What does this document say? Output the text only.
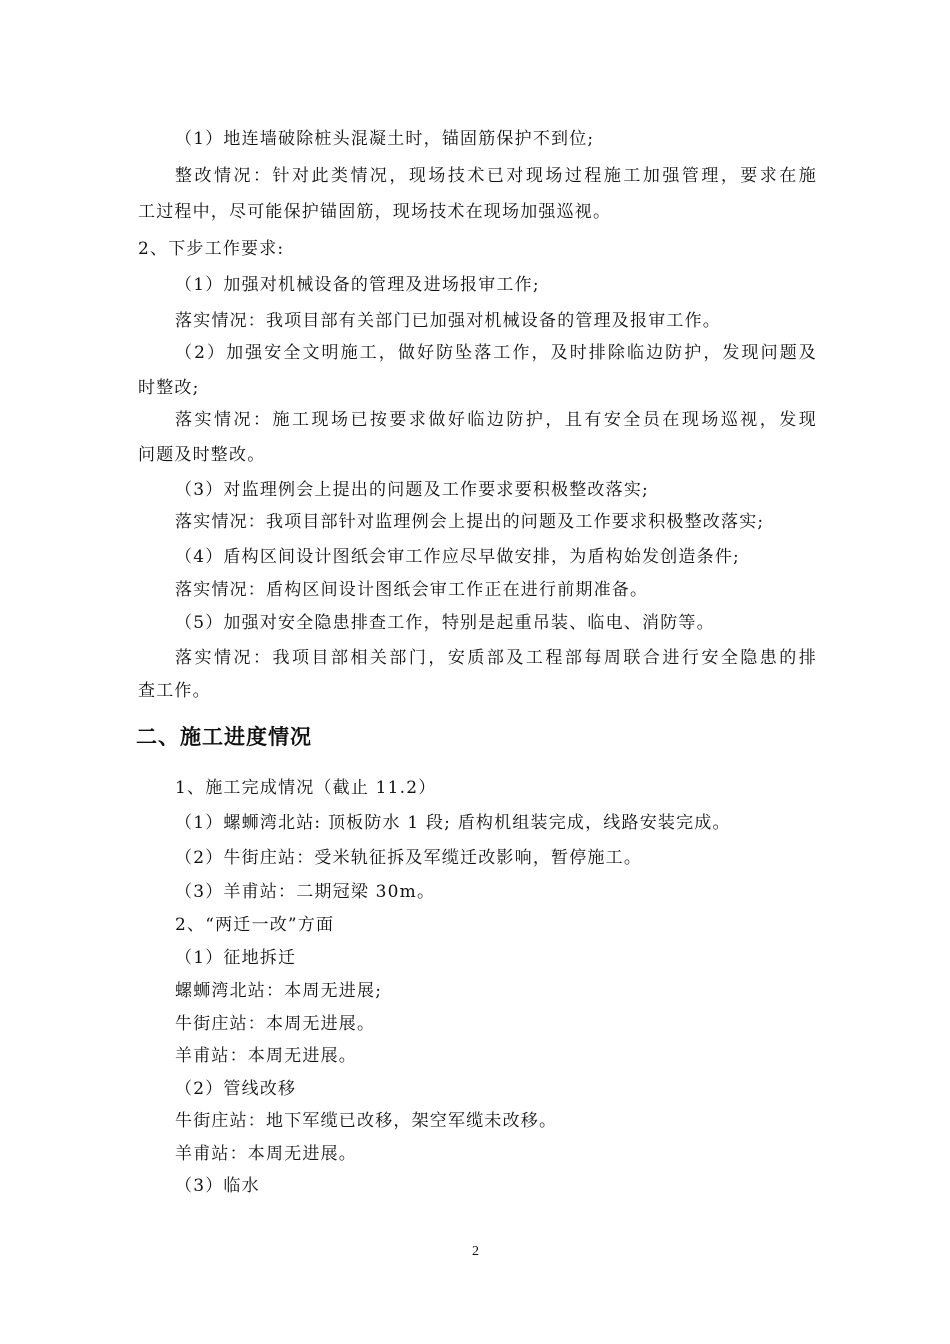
（1）地连墙破除桩头混凝土时，锚固筋保护不到位;
整改情况：针对此类情况，现场技术已对现场过程施工加强管理，要求在施
工过程中，尽可能保护锚固筋，现场技术在现场加强巡视。
2、下步工作要求:
（1）加强对机械设备的管理及进场报审工作;
落实情况：我项目部有关部门已加强对机械设备的管理及报审工作。
（2）加强安全文明施工，做好防坠落工作，及时排除临边防护，发现问题及
时整改;
落实情况：施工现场已按要求做好临边防护，且有安全员在现场巡视，发现
问题及时整改。
（3）对监理例会上提出的问题及工作要求要积极整改落实;
落实情况：我项目部针对监理例会上提出的问题及工作要求积极整改落实;
（4）盾构区间设计图纸会审工作应尽早做安排，为盾构始发创造条件;
落实情况：盾构区间设计图纸会审工作正在进行前期准备。
（5）加强对安全隐患排查工作，特别是起重吊装、临电、消防等。
落实情况：我项目部相关部门，安质部及工程部每周联合进行安全隐患的排
查工作。
二、施工进度情况
1、施工完成情况（截止 11.2）
（1）螺蛳湾北站: 顶板防水 1 段; 盾构机组装完成，线路安装完成。
（2）牛街庄站：受米轨征拆及军缆迁改影响，暂停施工。
（3）羊甫站：二期冠梁 30m。
2、“两迁一改”方面
（1）征地拆迁
螺蛳湾北站：本周无进展;
牛街庄站：本周无进展。
羊甫站：本周无进展。
（2）管线改移
牛街庄站：地下军缆已改移，架空军缆未改移。
羊甫站：本周无进展。
（3）临水
2
